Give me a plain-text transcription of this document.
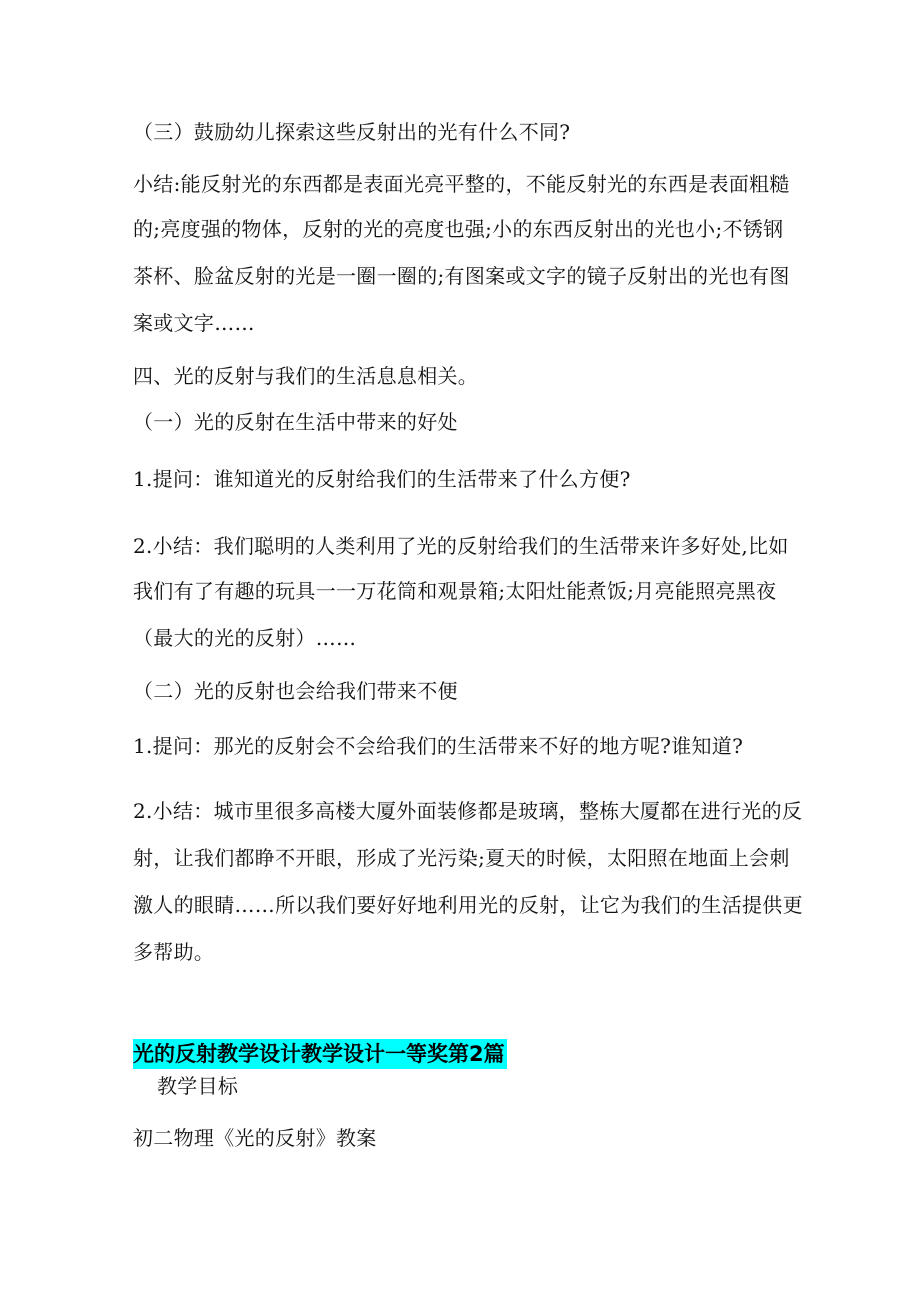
（三）鼓励幼儿探索这些反射出的光有什么不同?
小结:能反射光的东西都是表面光亮平整的，不能反射光的东西是表面粗糙
的;亮度强的物体，反射的光的亮度也强;小的东西反射出的光也小;不锈钢
茶杯、脸盆反射的光是一圈一圈的;有图案或文字的镜子反射出的光也有图
案或文字……
四、光的反射与我们的生活息息相关。
（一）光的反射在生活中带来的好处
1.提问：谁知道光的反射给我们的生活带来了什么方便?
2.小结：我们聪明的人类利用了光的反射给我们的生活带来许多好处,比如
我们有了有趣的玩具一一万花筒和观景箱;太阳灶能煮饭;月亮能照亮黑夜
（最大的光的反射）……
（二）光的反射也会给我们带来不便
1.提问：那光的反射会不会给我们的生活带来不好的地方呢?谁知道?
2.小结：城市里很多高楼大厦外面装修都是玻璃，整栋大厦都在进行光的反
射，让我们都睁不开眼，形成了光污染;夏天的时候，太阳照在地面上会刺
激人的眼睛……所以我们要好好地利用光的反射，让它为我们的生活提供更
多帮助。
光的反射教学设计教学设计一等奖第2篇
教学目标
初二物理《光的反射》教案
